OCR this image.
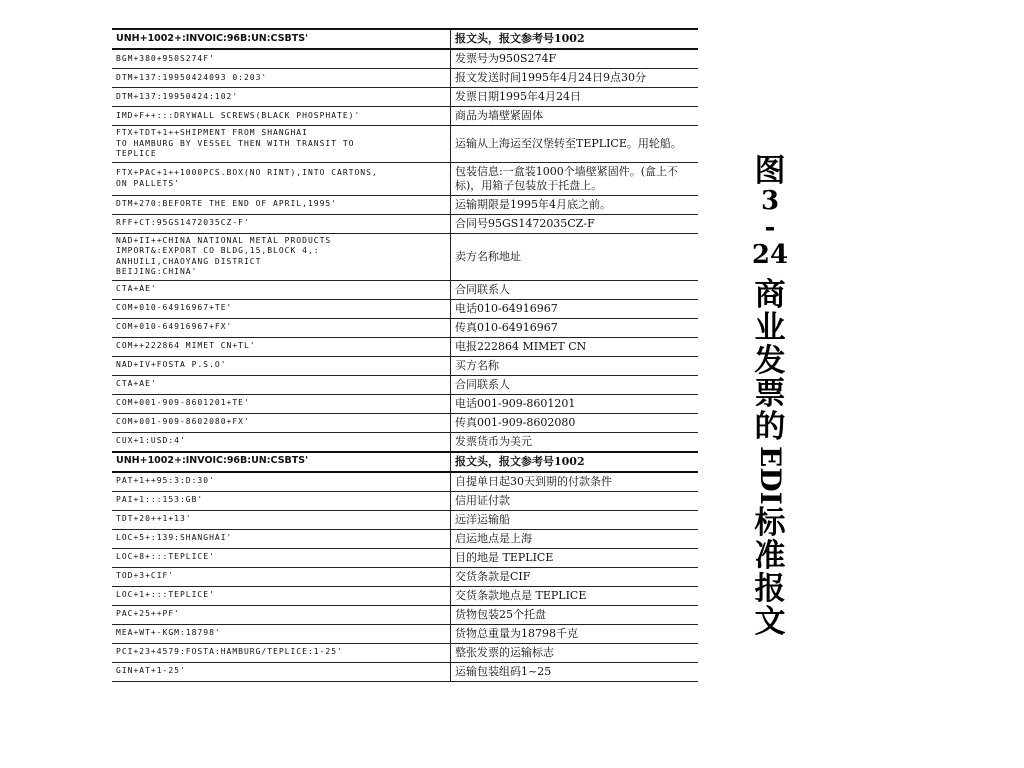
UNH+1002+:INVOIC:96B:UN:CSBTS'	报文头，报文参考号1002
BGM+380+950S274F'	发票号为950S274F
DTM+137:19950424093 0:203'	报文发送时间1995年4月24日9点30分
DTM+137:19950424:102'	发票日期1995年4月24日
IMD+F++:::DRYWALL SCREWS(BLACK PHOSPHATE)'	商品为墙壁紧固体
FTX+TDT+1++SHIPMENT FROM SHANGHAI
TO HAMBURG BY VESSEL THEN WITH TRANSIT TO
TEPLICE	运输从上海运至汉堡转至TEPLICE。用轮船。
FTX+PAC+1++1000PCS.BOX(NO RINT),INTO CARTONS,
ON PALLETS'	包装信息:一盒装1000个墙壁紧固件。(盒上不标)，用箱子包装放于托盘上。
DTM+270:BEFORTE THE END OF APRIL,1995'	运输期限是1995年4月底之前。
RFF+CT:95GS1472035CZ-F'	合同号95GS1472035CZ-F
NAD+II++CHINA NATIONAL METAL PRODUCTS
IMPORT&:EXPORT CO BLDG,15,BLOCK 4,:
ANHUILI,CHAOYANG DISTRICT
BEIJING:CHINA'	卖方名称地址
CTA+AE'	合同联系人
COM+010-64916967+TE'	电话010-64916967
COM+010-64916967+FX'	传真010-64916967
COM++222864 MIMET CN+TL'	电报222864 MIMET CN
NAD+IV+FOSTA P.S.O'	买方名称
CTA+AE'	合同联系人
COM+001-909-8601201+TE'	电话001-909-8601201
COM+001-909-8602080+FX'	传真001-909-8602080
CUX+1:USD:4'	发票货币为美元
UNH+1002+:INVOIC:96B:UN:CSBTS'	报文头，报文参考号1002
PAT+1++95:3:D:30'	自提单日起30天到期的付款条件
PAI+1:::153:GB'	信用证付款
TDT+20++1+13'	远洋运输船
LOC+5+:139:SHANGHAI'	启运地点是上海
LOC+8+:::TEPLICE'	目的地是 TEPLICE
TOD+3+CIF'	交货条款是CIF
LOC+1+:::TEPLICE'	交货条款地点是 TEPLICE
PAC+25++PF'	货物包装25个托盘
MEA+WT+-KGM:18798'	货物总重量为18798千克
PCI+23+4579:FOSTA:HAMBURG/TEPLICE:1-25'	整张发票的运输标志
GIN+AT+1-25'	运输包装组码1~25
图
3
-
24
商
业
发
票
的
EDI
标
准
报
文
